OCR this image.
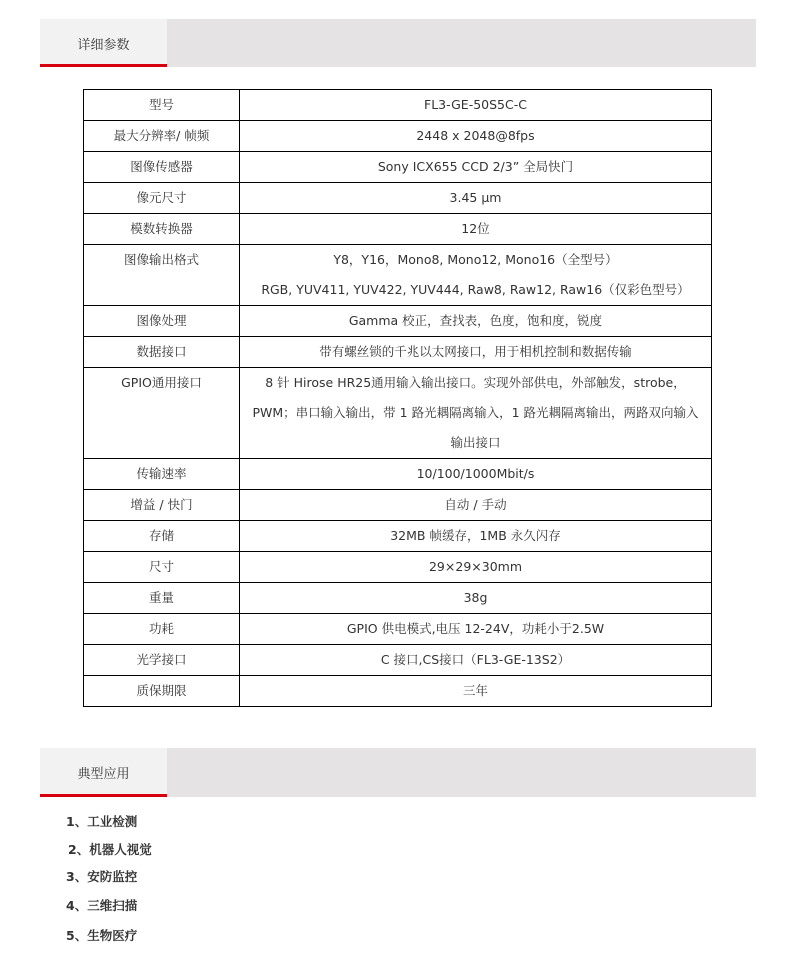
详细参数
型号	FL3-GE-50S5C-C

最大分辨率/ 帧频	2448 x 2048@8fps

图像传感器	Sony ICX655 CCD 2/3” 全局快门

像元尺寸	3.45 μm

模数转换器	12位

图像输出格式	Y8，Y16，Mono8, Mono12, Mono16（全型号）
RGB, YUV411, YUV422, YUV444, Raw8, Raw12, Raw16（仅彩色型号）

图像处理	Gamma 校正，查找表，色度，饱和度，锐度

数据接口	带有螺丝锁的千兆以太网接口，用于相机控制和数据传输

GPIO通用接口	8 针 Hirose HR25通用输入输出接口。实现外部供电，外部触发，strobe，
PWM；串口输入输出，带 1 路光耦隔离输入，1 路光耦隔离输出，两路双向输入
输出接口

传输速率	10/100/1000Mbit/s

增益 / 快门	自动 / 手动

存储	32MB 帧缓存，1MB 永久闪存

尺寸	29×29×30mm

重量	38g

功耗	GPIO 供电模式,电压 12-24V，功耗小于2.5W

光学接口	C 接口,CS接口（FL3-GE-13S2）

质保期限	三年
典型应用
1、工业检测
2、机器人视觉
3、安防监控
4、三维扫描
5、生物医疗
